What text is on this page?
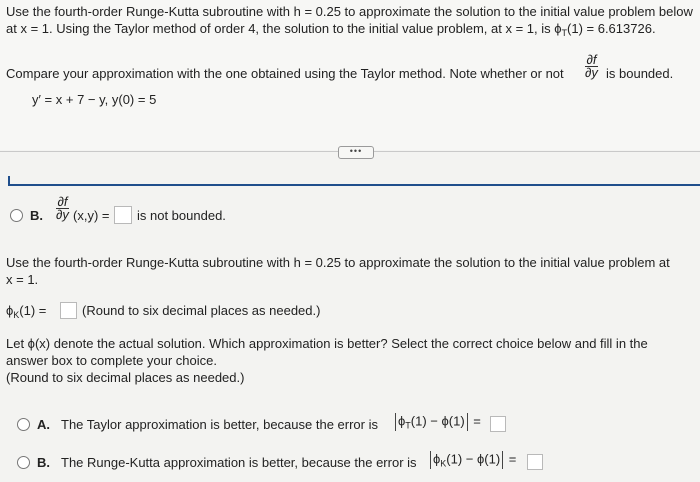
Use the fourth-order Runge-Kutta subroutine with h = 0.25 to approximate the solution to the initial value problem below
at x = 1. Using the Taylor method of order 4, the solution to the initial value problem, at x = 1, is $\phi_T(1) = 6.613726$.
Compare your approximation with the one obtained using the Taylor method. Note whether or not $\frac{\partial f}{\partial y}$ is bounded.
y′ = x + 7 − y, y(0) = 5
•••
B. $\frac{\partial f}{\partial y} (x,y)$ = is not bounded.
Use the fourth-order Runge-Kutta subroutine with h = 0.25 to approximate the solution to the initial value problem at
x = 1.
$\phi_K(1)$ =	(Round to six decimal places as needed.)
Let ϕ(x) denote the actual solution. Which approximation is better? Select the correct choice below and fill in the
answer box to complete your choice.
(Round to six decimal places as needed.)
A. The Taylor approximation is better, because the error is	$\phi_T(1) - \phi(1)$ =
B. The Runge-Kutta approximation is better, because the error is	$\phi_K(1) - \phi(1)$ =
